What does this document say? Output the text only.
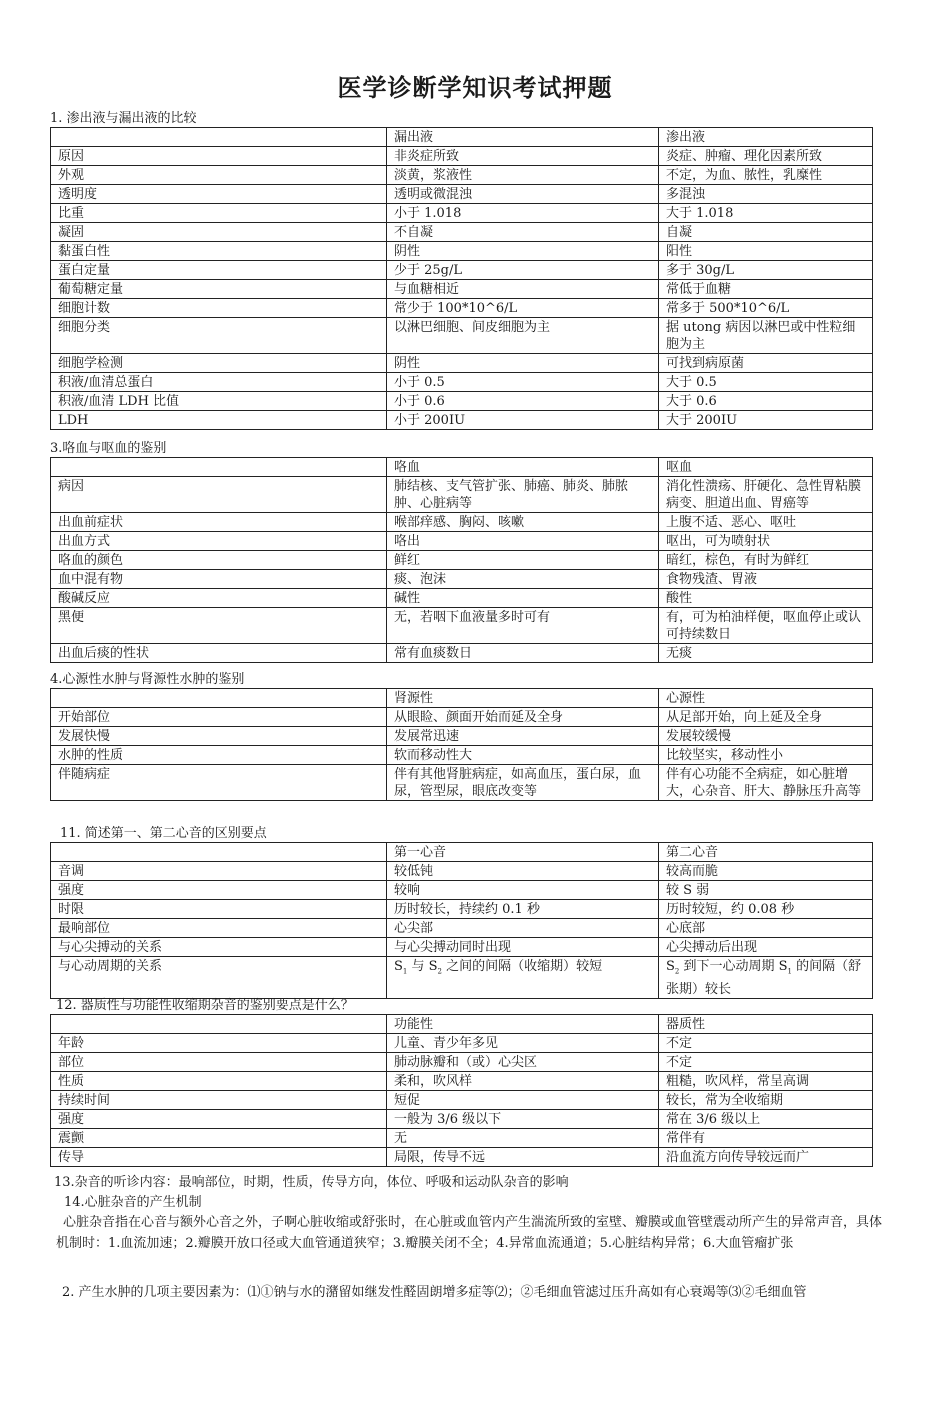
医学诊断学知识考试押题
1. 渗出液与漏出液的比较
	漏出液	渗出液
原因	非炎症所致	炎症、肿瘤、理化因素所致
外观	淡黄，浆液性	不定，为血、脓性，乳糜性
透明度	透明或微混浊	多混浊
比重	小于 1.018	大于 1.018
凝固	不自凝	自凝
黏蛋白性	阴性	阳性
蛋白定量	少于 25g/L	多于 30g/L
葡萄糖定量	与血糖相近	常低于血糖
细胞计数	常少于 100*10^6/L	常多于 500*10^6/L
细胞分类	以淋巴细胞、间皮细胞为主	据 utong 病因以淋巴或中性粒细胞为主
细胞学检测	阴性	可找到病原菌
积液/血清总蛋白	小于 0.5	大于 0.5
积液/血清 LDH 比值	小于 0.6	大于 0.6
LDH	小于 200IU	大于 200IU
3.咯血与呕血的鉴别
	咯血	呕血
病因	肺结核、支气管扩张、肺癌、肺炎、肺脓肿、心脏病等	消化性溃疡、肝硬化、急性胃粘膜病变、胆道出血、胃癌等
出血前症状	喉部痒感、胸闷、咳嗽	上腹不适、恶心、呕吐
出血方式	咯出	呕出，可为喷射状
咯血的颜色	鲜红	暗红，棕色，有时为鲜红
血中混有物	痰、泡沫	食物残渣、胃液
酸碱反应	碱性	酸性
黑便	无，若咽下血液量多时可有	有，可为柏油样便，呕血停止或认可持续数日
出血后痰的性状	常有血痰数日	无痰
4.心源性水肿与肾源性水肿的鉴别
	肾源性	心源性
开始部位	从眼睑、颜面开始而延及全身	从足部开始，向上延及全身
发展快慢	发展常迅速	发展较缓慢
水肿的性质	软而移动性大	比较坚实，移动性小
伴随病症	伴有其他肾脏病症，如高血压，蛋白尿，血尿，管型尿，眼底改变等	伴有心功能不全病症，如心脏增大，心杂音、肝大、静脉压升高等
11. 简述第一、第二心音的区别要点
	第一心音	第二心音
音调	较低钝	较高而脆
强度	较响	较 S 弱
时限	历时较长，持续约 0.1 秒	历时较短，约 0.08 秒
最响部位	心尖部	心底部
与心尖搏动的关系	与心尖搏动同时出现	心尖搏动后出现
与心动周期的关系	$S_1$ 与 $S_2$ 之间的间隔（收缩期）较短	$S_2$ 到下一心动周期 $S_1$ 的间隔（舒张期）较长
12. 器质性与功能性收缩期杂音的鉴别要点是什么？
	功能性	器质性
年龄	儿童、青少年多见	不定
部位	肺动脉瓣和（或）心尖区	不定
性质	柔和，吹风样	粗糙，吹风样，常呈高调
持续时间	短促	较长，常为全收缩期
强度	一般为 3/6 级以下	常在 3/6 级以上
震颤	无	常伴有
传导	局限，传导不远	沿血流方向传导较远而广
13.杂音的听诊内容：最响部位，时期，性质，传导方向，体位、呼吸和运动队杂音的影响
14.心脏杂音的产生机制
心脏杂音指在心音与额外心音之外，子啊心脏收缩或舒张时，在心脏或血管内产生湍流所致的室壁、瓣膜或血管壁震动所产生的异常声音，具体机制时：1.血流加速；2.瓣膜开放口径或大血管通道狭窄；3.瓣膜关闭不全；4.异常血流通道；5.心脏结构异常；6.大血管瘤扩张
2. 产生水肿的几项主要因素为：⑴①钠与水的潴留如继发性醛固朗增多症等⑵；②毛细血管滤过压升高如有心衰竭等⑶②毛细血管
